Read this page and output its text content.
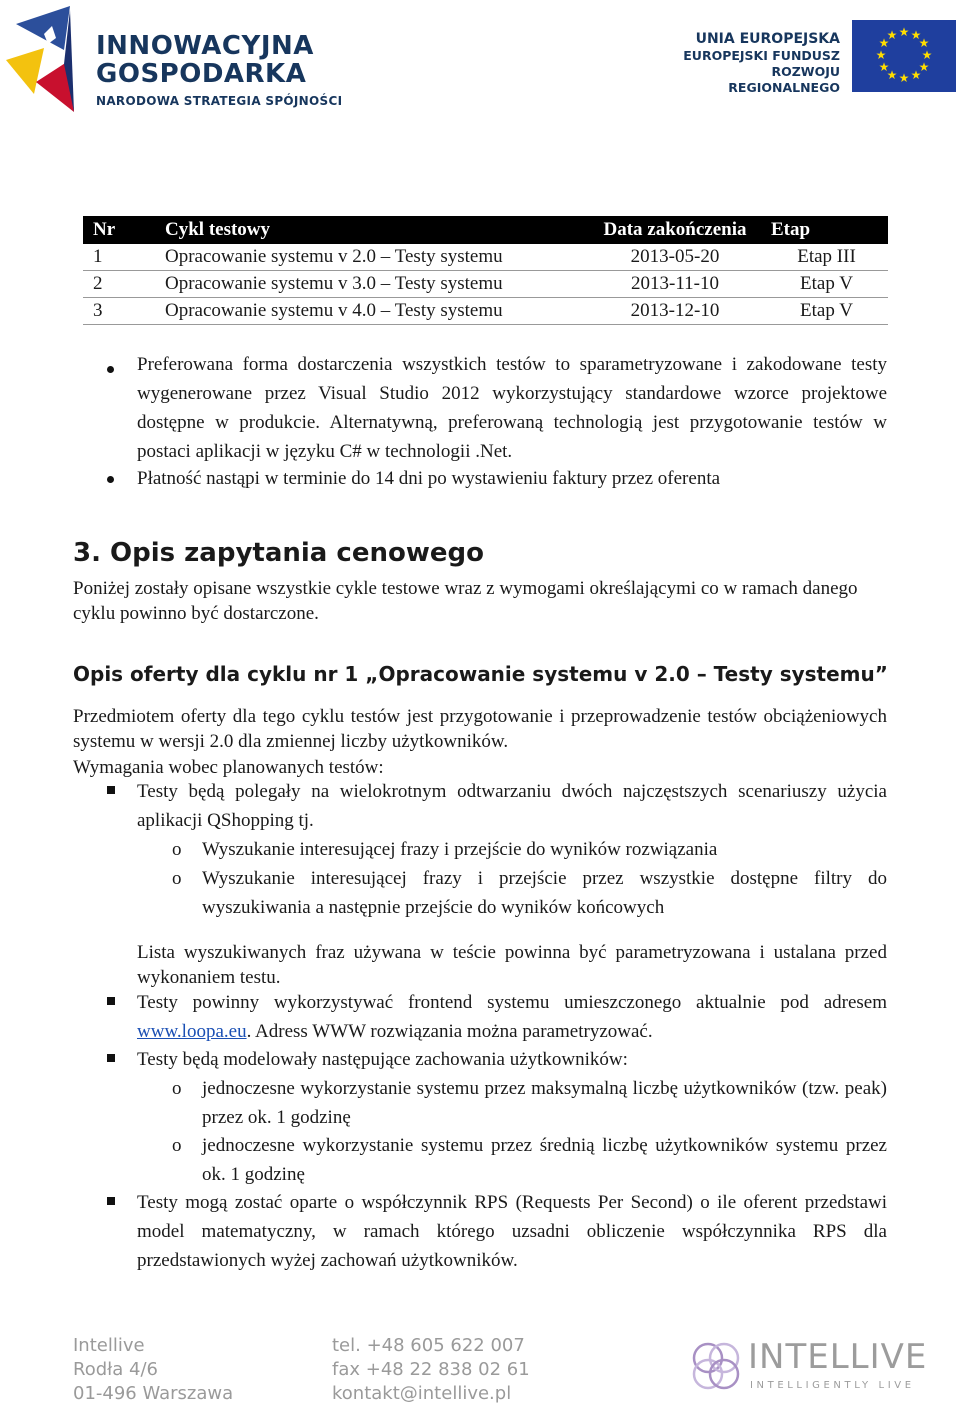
INNOWACYJNA
GOSPODARKA
NARODOWA STRATEGIA SPÓJNOŚCI
UNIA EUROPEJSKA
EUROPEJSKI FUNDUSZ
ROZWOJU REGIONALNEGO
★ ★
★
★
★
★
★
★
★
★
★
★
Nr	Cykl testowy	Data zakończenia	Etap
1	Opracowanie systemu v 2.0 – Testy systemu	2013-05-20	Etap III
2	Opracowanie systemu v 3.0 – Testy systemu	2013-11-10	Etap V
3	Opracowanie systemu v 4.0 – Testy systemu	2013-12-10	Etap V
Preferowana forma dostarczenia wszystkich testów to sparametryzowane i zakodowane testy wygenerowane przez Visual Studio 2012 wykorzystujący standardowe wzorce projektowe dostępne w produkcie. Alternatywną, preferowaną technologią jest przygotowanie testów w postaci aplikacji w języku C# w technologii .Net.
Płatność nastąpi w terminie do 14 dni po wystawieniu faktury przez oferenta
3. Opis zapytania cenowego
Poniżej zostały opisane wszystkie cykle testowe wraz z wymogami określającymi co w ramach danego cyklu powinno być dostarczone.
Opis oferty dla cyklu nr 1 „Opracowanie systemu v 2.0 – Testy systemu”
Przedmiotem oferty dla tego cyklu testów jest przygotowanie i przeprowadzenie testów obciążeniowych systemu w wersji 2.0 dla zmiennej liczby użytkowników.
Wymagania wobec planowanych testów:
Testy będą polegały na wielokrotnym odtwarzaniu dwóch najczęstszych scenariuszy użycia aplikacji QShopping tj.
o Wyszukanie interesującej frazy i przejście do wyników rozwiązania
o Wyszukanie interesującej frazy i przejście przez wszystkie dostępne filtry do wyszukiwania a następnie przejście do wyników końcowych
Lista wyszukiwanych fraz używana w teście powinna być parametryzowana i ustalana przed wykonaniem testu.
Testy powinny wykorzystywać frontend systemu umieszczonego aktualnie pod adresem www.loopa.eu. Adress WWW rozwiązania można parametryzować.
Testy będą modelowały następujące zachowania użytkowników:
o jednoczesne wykorzystanie systemu przez maksymalną liczbę użytkowników (tzw. peak) przez ok. 1 godzinę
o jednoczesne wykorzystanie systemu przez średnią liczbę użytkowników systemu przez ok. 1 godzinę
Testy mogą zostać oparte o współczynnik RPS (Requests Per Second) o ile oferent przedstawi model matematyczny, w ramach którego uzsadni obliczenie współczynnika RPS dla przedstawionych wyżej zachowań użytkowników.
Intellive
Rodła 4/6
01-496 Warszawa
tel. +48 605 622 007
fax +48 22 838 02 61
kontakt@intellive.pl
INTELLIVE
INTELLIGENTLY LIVE
